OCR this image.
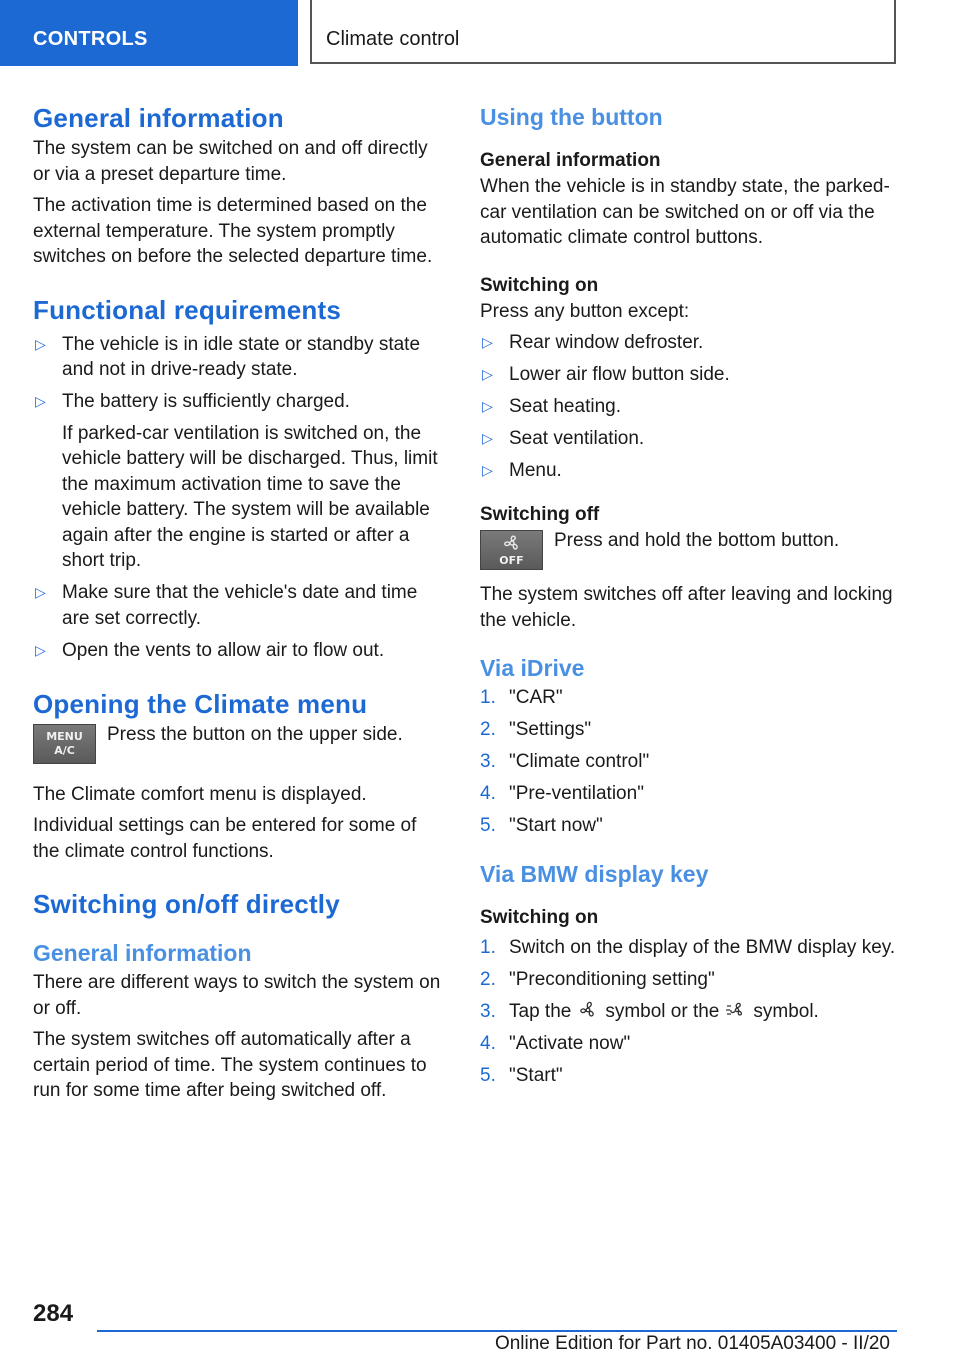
CONTROLS	Climate control
General information

The system can be switched on and off directly or via a preset departure time.

The activation time is determined based on the external temperature. The system promptly switches on before the selected departure time.

Functional requirements
▷ The vehicle is in idle state or standby state and not in drive-ready state.
▷ The battery is sufficiently charged.
If parked-car ventilation is switched on, the vehicle battery will be discharged. Thus, limit the maximum activation time to save the vehicle battery. The system will be available again after the engine is started or after a short trip.
▷ Make sure that the vehicle's date and time are set correctly.
▷ Open the vents to allow air to flow out.
Opening the Climate menu
MENU
A/C

Press the button on the upper side.

The Climate comfort menu is displayed.

Individual settings can be entered for some of the climate control functions.

Switching on/off directly
General information

There are different ways to switch the system on or off.

The system switches off automatically after a certain period of time. The system continues to run for some time after being switched off.

Using the button
General information

When the vehicle is in standby state, the parked-car ventilation can be switched on or off via the automatic climate control buttons.

Switching on

Press any button except:

▷ Rear window defroster.
▷ Lower air flow button side.
▷ Seat heating.
▷ Seat ventilation.
▷ Menu.
Switching off
OFF

Press and hold the bottom button.

The system switches off after leaving and locking the vehicle.

Via iDrive
1. "CAR"
2. "Settings"
3. "Climate control"
4. "Pre-ventilation"
5. "Start now"
Via BMW display key
Switching on
1. Switch on the display of the BMW display key.
2. "Preconditioning setting"
3. Tap the symbol or the symbol.
4. "Activate now"
5. "Start"
284
Online Edition for Part no. 01405A03400 - II/20
